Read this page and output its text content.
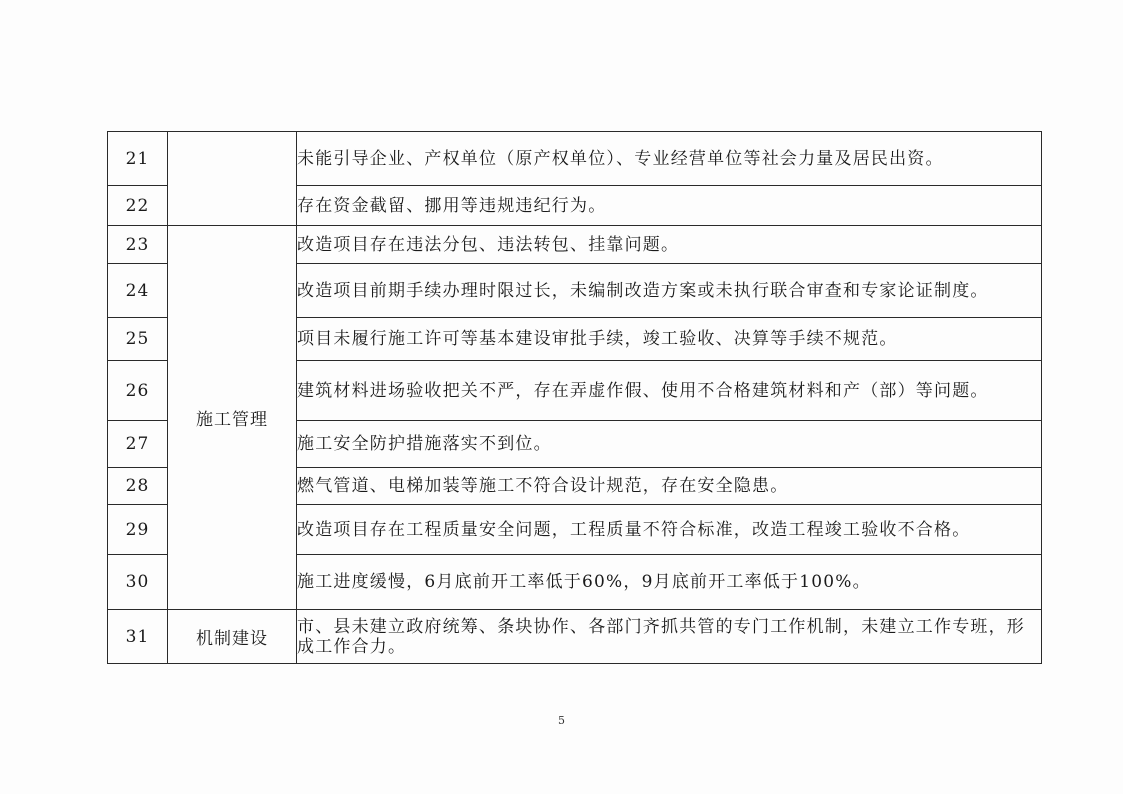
21		未能引导企业、产权单位（原产权单位）、专业经营单位等社会力量及居民出资。
22		存在资金截留、挪用等违规违纪行为。
23	施工管理	改造项目存在违法分包、违法转包、挂靠问题。
24		改造项目前期手续办理时限过长，未编制改造方案或未执行联合审查和专家论证制度。
25		项目未履行施工许可等基本建设审批手续，竣工验收、决算等手续不规范。
26		建筑材料进场验收把关不严，存在弄虚作假、使用不合格建筑材料和产（部）等问题。
27		施工安全防护措施落实不到位。
28		燃气管道、电梯加装等施工不符合设计规范，存在安全隐患。
29		改造项目存在工程质量安全问题，工程质量不符合标准，改造工程竣工验收不合格。
30		施工进度缓慢，6月底前开工率低于60%，9月底前开工率低于100%。
31	机制建设	市、县未建立政府统筹、条块协作、各部门齐抓共管的专门工作机制，未建立工作专班，形成工作合力。
5
